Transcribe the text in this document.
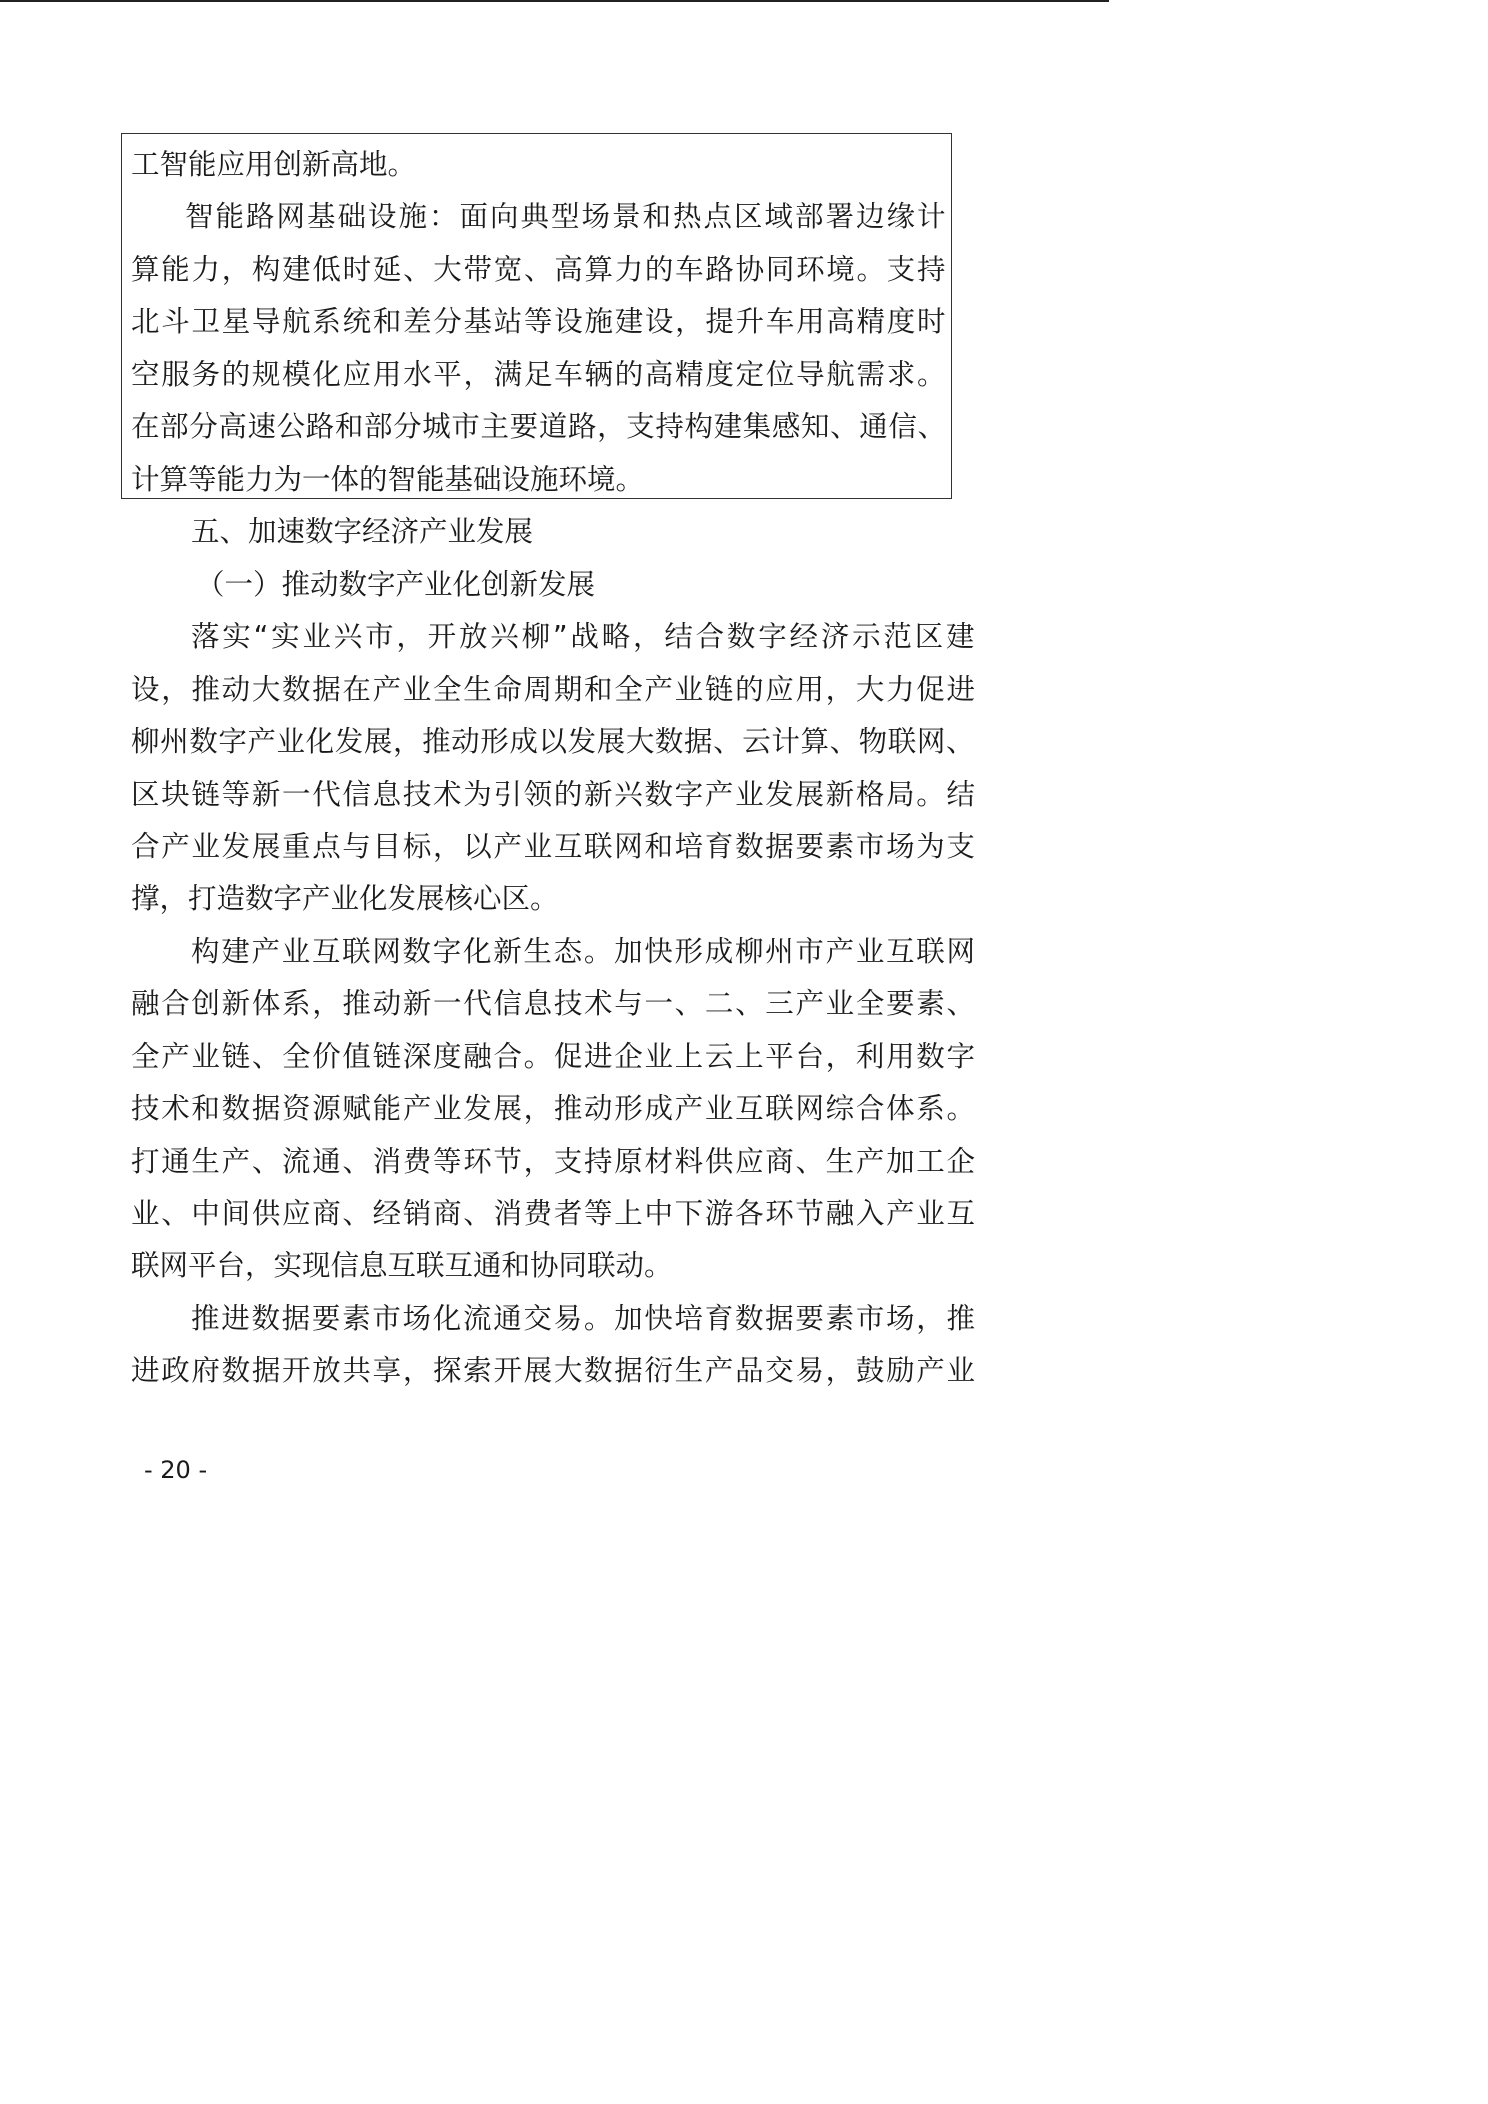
工智能应用创新高地。
智能路网基础设施：面向典型场景和热点区域部署边缘计
算能力，构建低时延、大带宽、高算力的车路协同环境。支持
北斗卫星导航系统和差分基站等设施建设，提升车用高精度时
空服务的规模化应用水平，满足车辆的高精度定位导航需求。
在部分高速公路和部分城市主要道路，支持构建集感知、通信、
计算等能力为一体的智能基础设施环境。
五、加速数字经济产业发展
（一）推动数字产业化创新发展
落实“实业兴市，开放兴柳”战略，结合数字经济示范区建
设，推动大数据在产业全生命周期和全产业链的应用，大力促进
柳州数字产业化发展，推动形成以发展大数据、云计算、物联网、
区块链等新一代信息技术为引领的新兴数字产业发展新格局。结
合产业发展重点与目标，以产业互联网和培育数据要素市场为支
撑，打造数字产业化发展核心区。
构建产业互联网数字化新生态。加快形成柳州市产业互联网
融合创新体系，推动新一代信息技术与一、二、三产业全要素、
全产业链、全价值链深度融合。促进企业上云上平台，利用数字
技术和数据资源赋能产业发展，推动形成产业互联网综合体系。
打通生产、流通、消费等环节，支持原材料供应商、生产加工企
业、中间供应商、经销商、消费者等上中下游各环节融入产业互
联网平台，实现信息互联互通和协同联动。
推进数据要素市场化流通交易。加快培育数据要素市场，推
进政府数据开放共享，探索开展大数据衍生产品交易，鼓励产业
- 20 -
